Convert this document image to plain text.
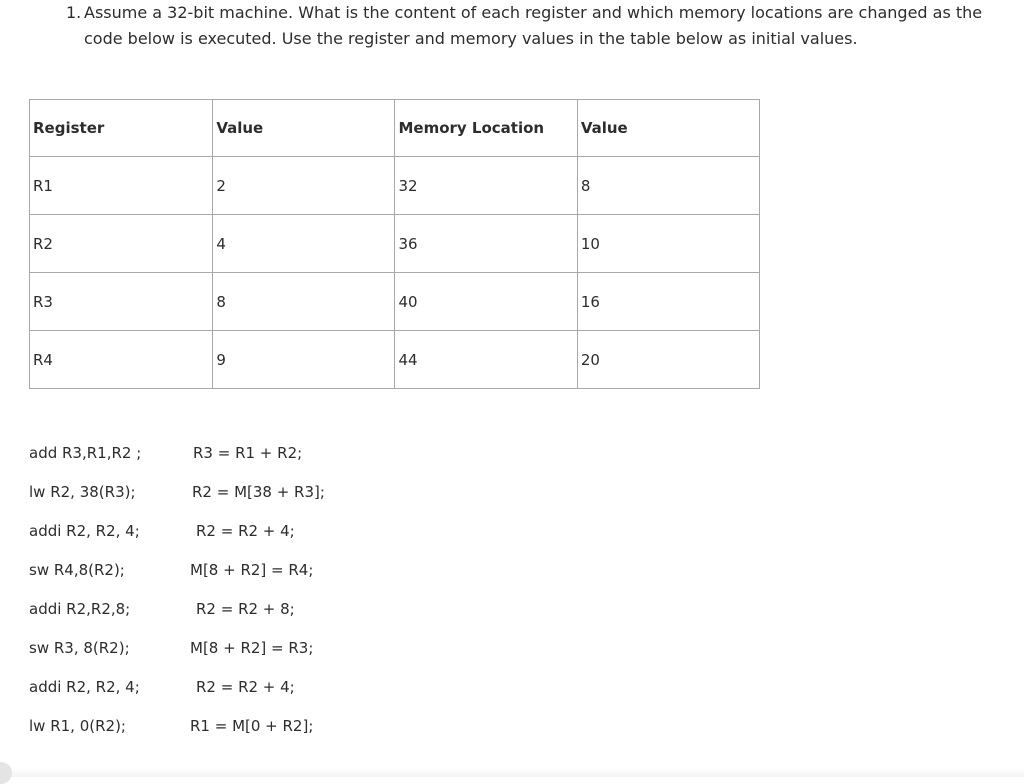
1. Assume a 32-bit machine. What is the content of each register and which memory locations are changed as the code below is executed. Use the register and memory values in the table below as initial values.
Register	Value	Memory Location	Value
R1	2	32	8
R2	4	36	10
R3	8	40	16
R4	9	44	20
add R3,R1,R2 ;	R3 = R1 + R2;
lw R2, 38(R3);	R2 = M[38 + R3];
addi R2, R2, 4;	R2 = R2 + 4;
sw R4,8(R2);	M[8 + R2] = R4;
addi R2,R2,8;	R2 = R2 + 8;
sw R3, 8(R2);	M[8 + R2] = R3;
addi R2, R2, 4;	R2 = R2 + 4;
lw R1, 0(R2);	R1 = M[0 + R2];
